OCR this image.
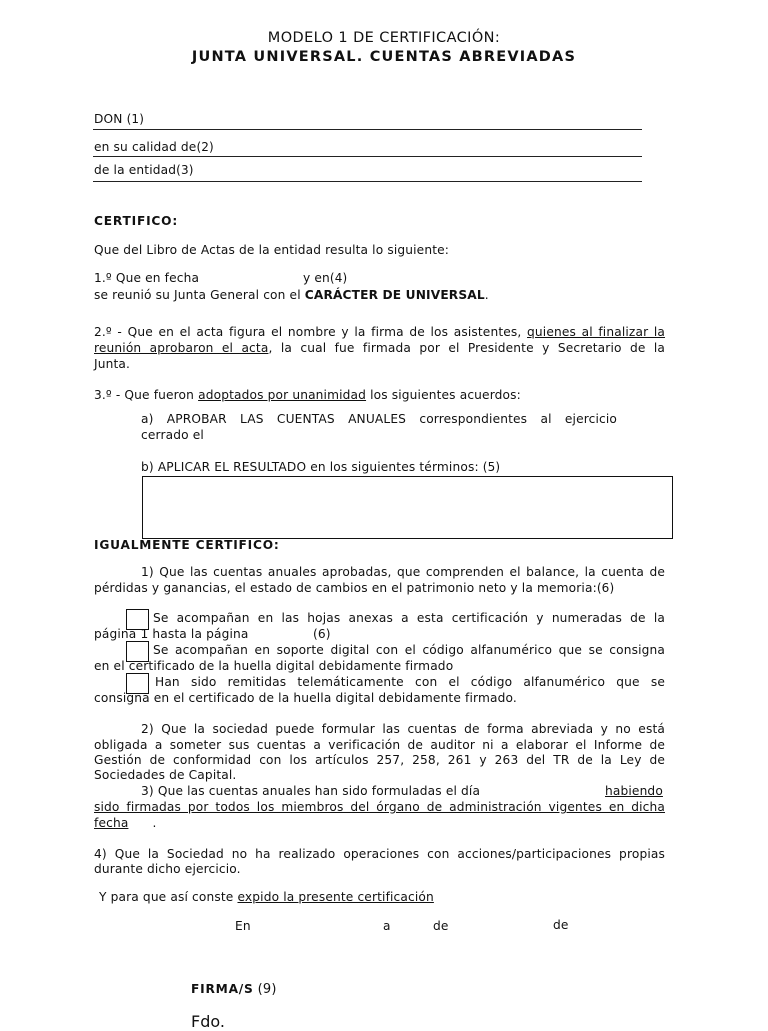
MODELO 1 DE CERTIFICACIÓN:
JUNTA UNIVERSAL. CUENTAS ABREVIADAS
DON (1)
en su calidad de(2)
de la entidad(3)
CERTIFICO:
Que del Libro de Actas de la entidad resulta lo siguiente:
1.º Que en fecha	y en(4)
se reunió su Junta General con el CARÁCTER DE UNIVERSAL.
2.º - Que en el acta figura el nombre y la firma de los asistentes, quienes al finalizar la
reunión aprobaron el acta, la cual fue firmada por el Presidente y Secretario de la
Junta.
3.º - Que fueron adoptados por unanimidad los siguientes acuerdos:
a) APROBAR LAS CUENTAS ANUALES correspondientes al ejercicio
cerrado el
b) APLICAR EL RESULTADO en los siguientes términos: (5)
IGUALMENTE CERTIFICO:
1) Que las cuentas anuales aprobadas, que comprenden el balance, la cuenta de
pérdidas y ganancias, el estado de cambios en el patrimonio neto y la memoria:(6)
Se acompañan en las hojas anexas a esta certificación y numeradas de la
página 1 hasta la página	(6)
Se acompañan en soporte digital con el código alfanumérico que se consigna
en el certificado de la huella digital debidamente firmado
Han sido remitidas telemáticamente con el código alfanumérico que se
consigna en el certificado de la huella digital debidamente firmado.
2) Que la sociedad puede formular las cuentas de forma abreviada y no está
obligada a someter sus cuentas a verificación de auditor ni a elaborar el Informe de
Gestión de conformidad con los artículos 257, 258, 261 y 263 del TR de la Ley de
Sociedades de Capital.
3) Que las cuentas anuales han sido formuladas el día	habiendo
sido firmadas por todos los miembros del órgano de administración vigentes en dicha
fecha .
4) Que la Sociedad no ha realizado operaciones con acciones/participaciones propias
durante dicho ejercicio.
Y para que así conste expido la presente certificación
En	a	de	de
FIRMA/S (9)
Fdo.
